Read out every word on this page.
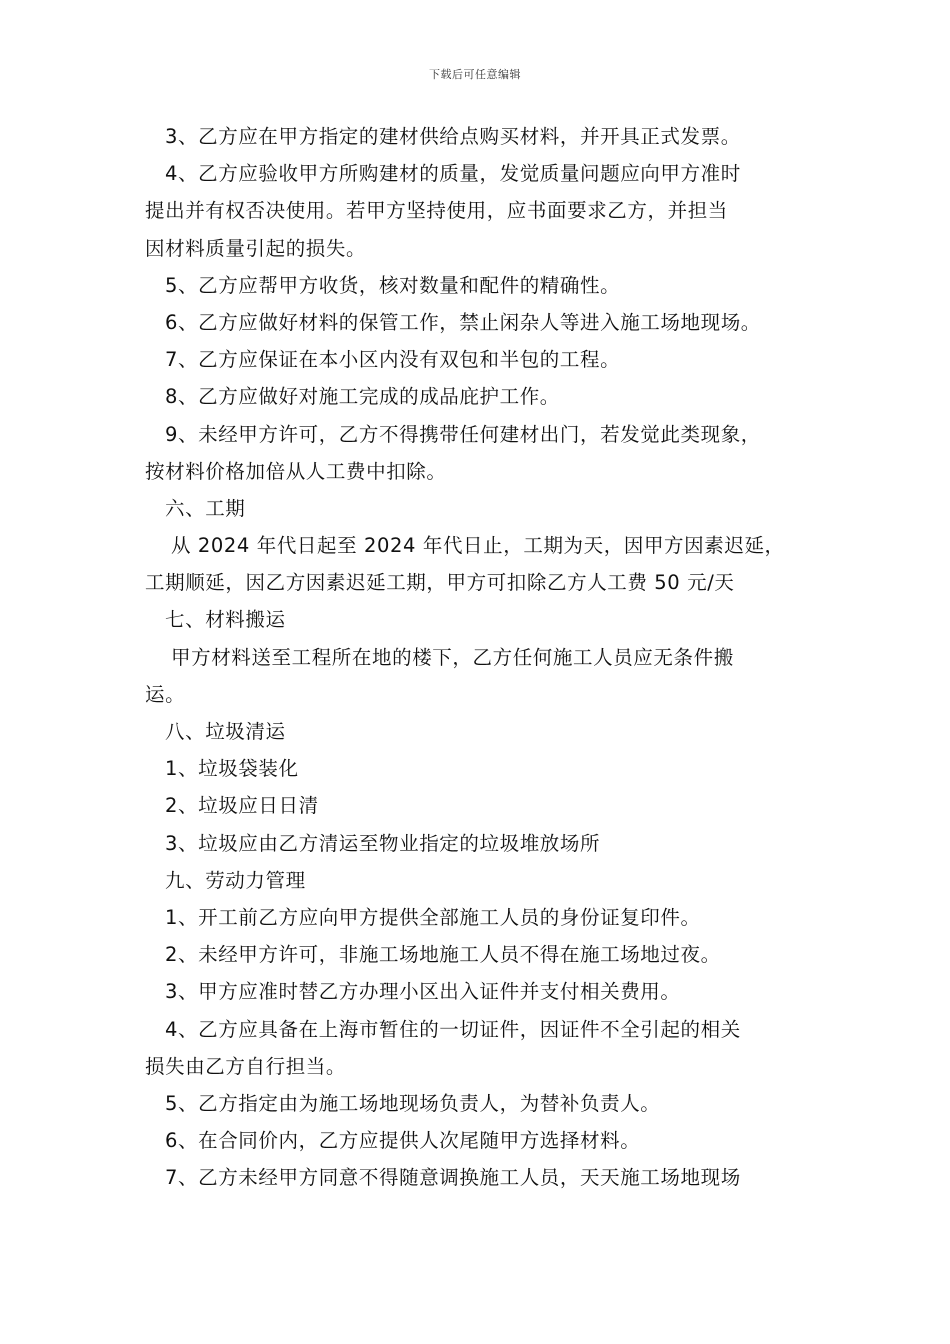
下载后可任意编辑
3、乙方应在甲方指定的建材供给点购买材料，并开具正式发票。
4、乙方应验收甲方所购建材的质量，发觉质量问题应向甲方准时
提出并有权否决使用。若甲方坚持使用，应书面要求乙方，并担当
因材料质量引起的损失。
5、乙方应帮甲方收货，核对数量和配件的精确性。
6、乙方应做好材料的保管工作，禁止闲杂人等进入施工场地现场。
7、乙方应保证在本小区内没有双包和半包的工程。
8、乙方应做好对施工完成的成品庇护工作。
9、未经甲方许可，乙方不得携带任何建材出门，若发觉此类现象，
按材料价格加倍从人工费中扣除。
六、工期
从 2024 年代日起至 2024 年代日止，工期为天，因甲方因素迟延，
工期顺延，因乙方因素迟延工期，甲方可扣除乙方人工费 50 元/天
七、材料搬运
甲方材料送至工程所在地的楼下，乙方任何施工人员应无条件搬
运。
八、垃圾清运
1、垃圾袋装化
2、垃圾应日日清
3、垃圾应由乙方清运至物业指定的垃圾堆放场所
九、劳动力管理
1、开工前乙方应向甲方提供全部施工人员的身份证复印件。
2、未经甲方许可，非施工场地施工人员不得在施工场地过夜。
3、甲方应准时替乙方办理小区出入证件并支付相关费用。
4、乙方应具备在上海市暂住的一切证件，因证件不全引起的相关
损失由乙方自行担当。
5、乙方指定由为施工场地现场负责人，为替补负责人。
6、在合同价内，乙方应提供人次尾随甲方选择材料。
7、乙方未经甲方同意不得随意调换施工人员，天天施工场地现场
